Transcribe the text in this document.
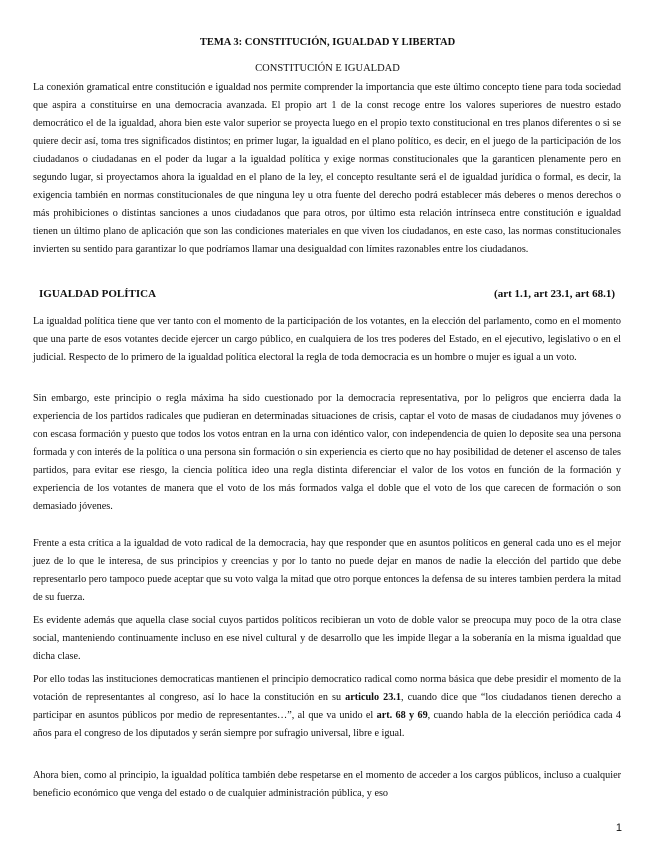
TEMA 3: CONSTITUCIÓN, IGUALDAD Y LIBERTAD
CONSTITUCIÓN E IGUALDAD

La conexión gramatical entre constitución e igualdad nos permite comprender la importancia que este último concepto tiene para toda sociedad que aspira a constituirse en una democracia avanzada. El propio art 1 de la const recoge entre los valores superiores de nuestro estado democrático el de la igualdad, ahora bien este valor superior se proyecta luego en el propio texto constitucional en tres planos diferentes o si se quiere decir así, toma tres significados distintos; en primer lugar, la igualdad en el plano político, es decir, en el juego de la participación de los ciudadanos o ciudadanas en el poder da lugar a la igualdad política y exige normas constitucionales que la garanticen plenamente pero en segundo lugar, si proyectamos ahora la igualdad en el plano de la ley, el concepto resultante será el de igualdad jurídica o formal, es decir, la exigencia también en normas constitucionales de que ninguna ley u otra fuente del derecho podrá establecer más deberes o menos derechos o más prohibiciones o distintas sanciones a unos ciudadanos que para otros, por último esta relación intrínseca entre constitución e igualdad tienen un último plano de aplicación que son las condiciones materiales en que viven los ciudadanos, en este caso, las normas constitucionales invierten su sentido para garantizar lo que podríamos llamar una desigualdad con límites razonables entre los ciudadanos.

IGUALDAD POLÍTICA	(art 1.1, art 23.1, art 68.1)

La igualdad política tiene que ver tanto con el momento de la participación de los votantes, en la elección del parlamento, como en el momento que una parte de esos votantes decide ejercer un cargo público, en cualquiera de los tres poderes del Estado, en el ejecutivo, legislativo o en el judicial. Respecto de lo primero de la igualdad política electoral la regla de toda democracia es un hombre o mujer es igual a un voto.

Sin embargo, este principio o regla máxima ha sido cuestionado por la democracia representativa, por lo peligros que encierra dada la experiencia de los partidos radicales que pudieran en determinadas situaciones de crisis, captar el voto de masas de ciudadanos muy jóvenes o con escasa formación y puesto que todos los votos entran en la urna con idéntico valor, con independencia de quien lo deposite sea una persona formada y con interés de la política o una persona sin formación o sin experiencia es cierto que no hay posibilidad de detener el ascenso de tales partidos, para evitar ese riesgo, la ciencia política ideo una regla distinta diferenciar el valor de los votos en función de la formación y experiencia de los votantes de manera que el voto de los más formados valga el doble que el voto de los que carecen de formación o son demasiado jóvenes.

Frente a esta crítica a la igualdad de voto radical de la democracia, hay que responder que en asuntos políticos en general cada uno es el mejor juez de lo que le interesa, de sus principios y creencias y por lo tanto no puede dejar en manos de nadie la elección del partido que debe representarlo pero tampoco puede aceptar que su voto valga la mitad que otro porque entonces la defensa de su interes tambien perdera la mitad de su fuerza.

Es evidente además que aquella clase social cuyos partidos políticos recibieran un voto de doble valor se preocupa muy poco de la otra clase social, manteniendo continuamente incluso en ese nivel cultural y de desarrollo que les impide llegar a la soberanía en la misma igualdad que dicha clase.

Por ello todas las instituciones democraticas mantienen el principio democratico radical como norma básica que debe presidir el momento de la votación de representantes al congreso, así lo hace la constitución en su articulo 23.1, cuando dice que “los ciudadanos tienen derecho a participar en asuntos públicos por medio de representantes…”, al que va unido el art. 68 y 69, cuando habla de la elección periódica cada 4 años para el congreso de los diputados y serán siempre por sufragio universal, libre e igual.

Ahora bien, como al principio, la igualdad política también debe respetarse en el momento de acceder a los cargos públicos, incluso a cualquier beneficio económico que venga del estado o de cualquier administración pública, y eso

1
